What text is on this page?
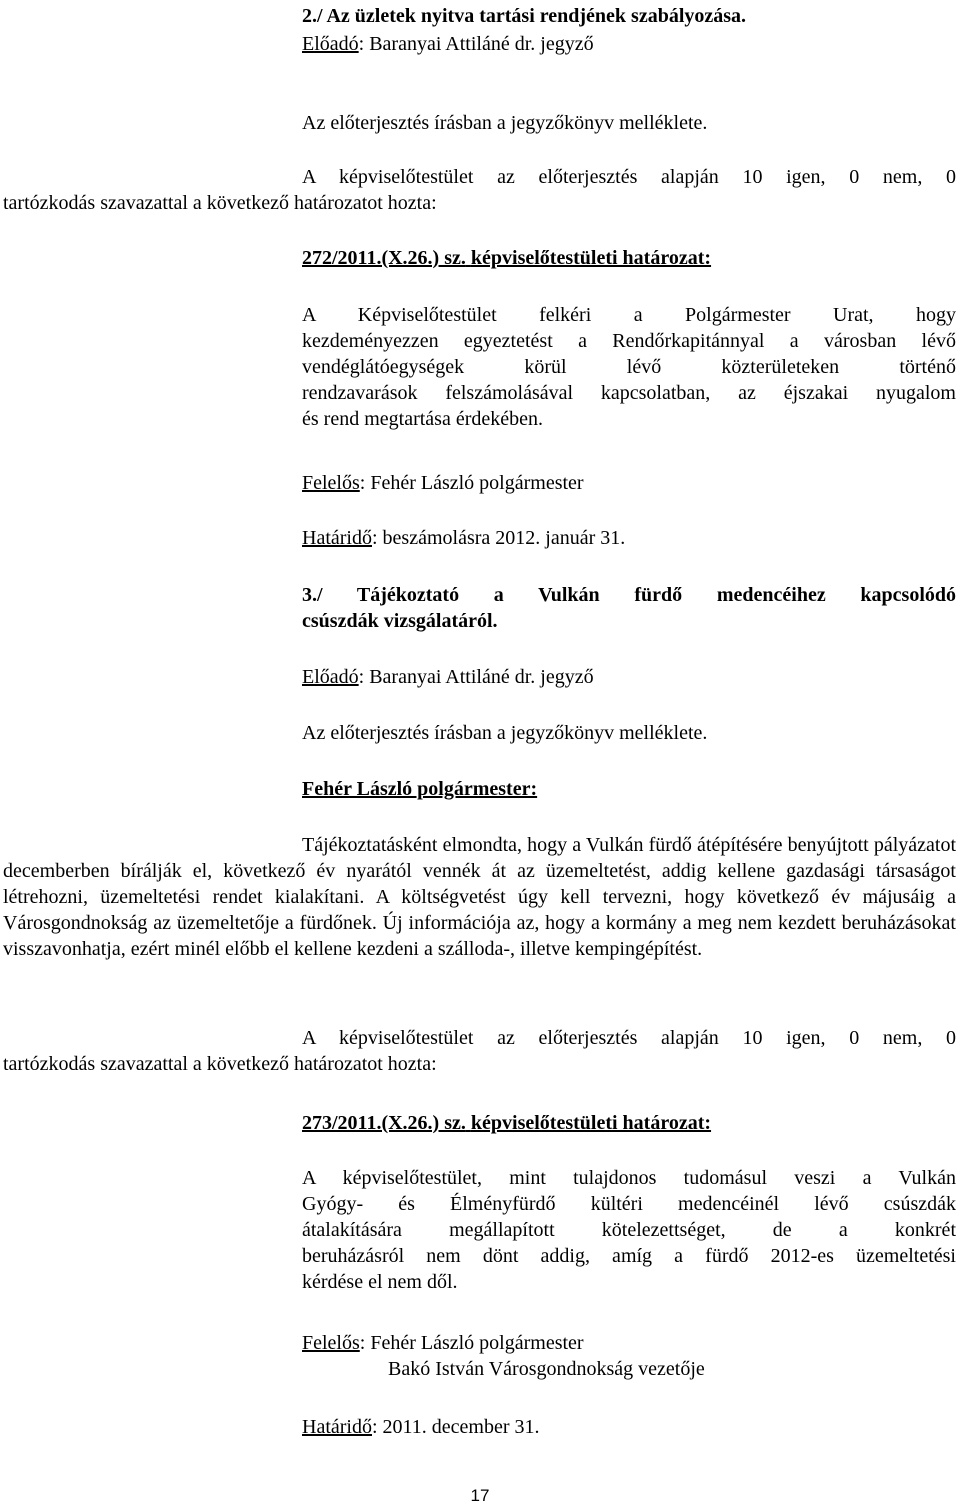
2./ Az üzletek nyitva tartási rendjének szabályozása.

Előadó: Baranyai Attiláné dr. jegyző

Az előterjesztés írásban a jegyzőkönyv melléklete.

A képviselőtestület az előterjesztés alapján 10 igen, 0 nem, 0
tartózkodás szavazattal a következő határozatot hozta:

272/2011.(X.26.) sz. képviselőtestületi határozat:

A Képviselőtestület felkéri a Polgármester Urat, hogy
kezdeményezzen egyeztetést a Rendőrkapitánnyal a városban lévő
vendéglátóegységek körül lévő közterületeken történő
rendzavarások felszámolásával kapcsolatban, az éjszakai nyugalom
és rend megtartása érdekében.

Felelős: Fehér László polgármester

Határidő: beszámolásra 2012. január 31.

3./ Tájékoztató a Vulkán fürdő medencéihez kapcsolódó
csúszdák vizsgálatáról.

Előadó: Baranyai Attiláné dr. jegyző

Az előterjesztés írásban a jegyzőkönyv melléklete.

Fehér László polgármester:

Tájékoztatásként elmondta, hogy a Vulkán fürdő átépítésére benyújtott pályázatot decemberben bírálják el, következő év nyarától vennék át az üzemeltetést, addig kellene gazdasági társaságot létrehozni, üzemeltetési rendet kialakítani. A költségvetést úgy kell tervezni, hogy következő év májusáig a Városgondnokság az üzemeltetője a fürdőnek. Új információja az, hogy a kormány a meg nem kezdett beruházásokat visszavonhatja, ezért minél előbb el kellene kezdeni a szálloda-, illetve kempingépítést.

A képviselőtestület az előterjesztés alapján 10 igen, 0 nem, 0
tartózkodás szavazattal a következő határozatot hozta:

273/2011.(X.26.) sz. képviselőtestületi határozat:

A képviselőtestület, mint tulajdonos tudomásul veszi a Vulkán
Gyógy- és Élményfürdő kültéri medencéinél lévő csúszdák
átalakítására megállapított kötelezettséget, de a konkrét
beruházásról nem dönt addig, amíg a fürdő 2012-es üzemeltetési
kérdése el nem dől.
Felelős: Fehér László polgármester
Bakó István Városgondnokság vezetője

Határidő: 2011. december 31.

17
